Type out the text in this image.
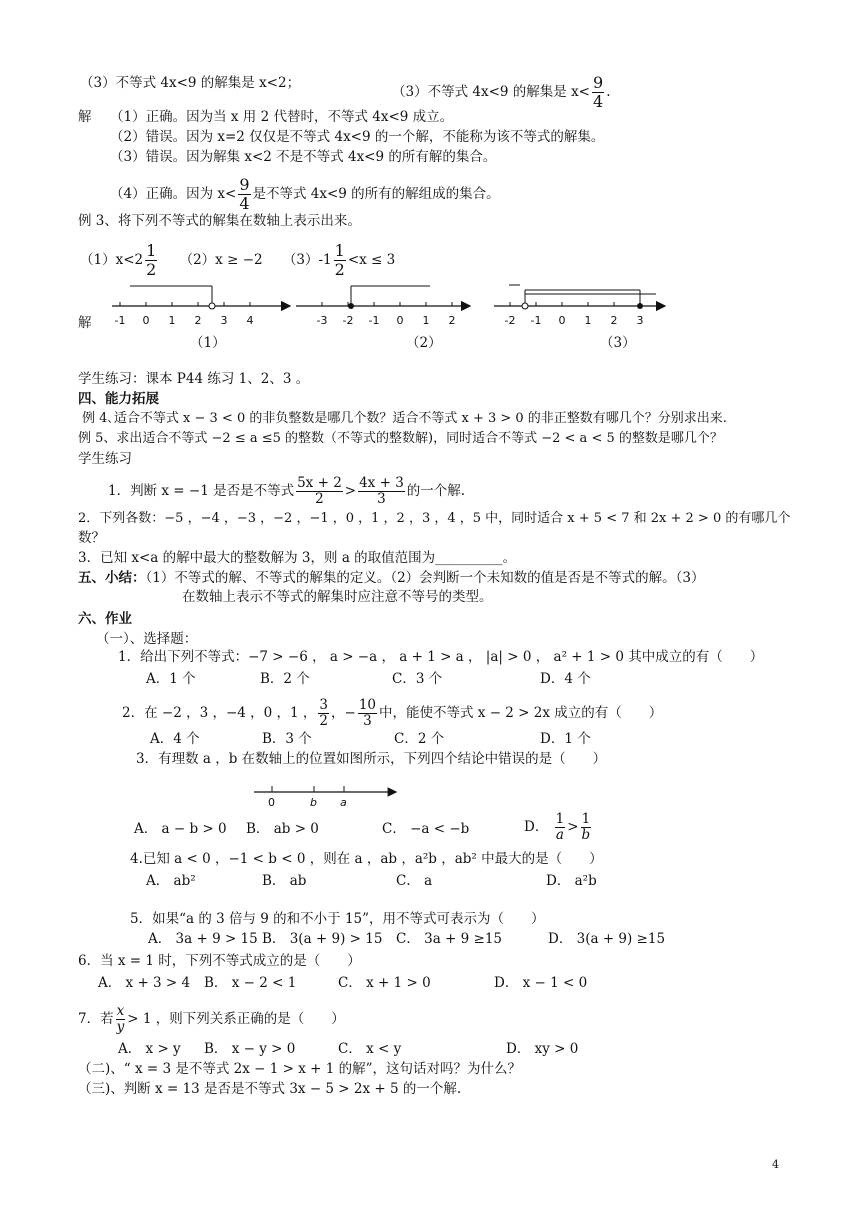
（3）不等式 4x<9 的解集是 x<2；
（3）不等式 4x<9 的解集是 $x< \frac{9}{4}$ .
解 （1）正确。因为当 x 用 2 代替时，不等式 4x<9 成立。
（2）错误。因为 x=2 仅仅是不等式 4x<9 的一个解，不能称为该不等式的解集。
（3）错误。因为解集 x<2 不是不等式 4x<9 的所有解的集合。
（4）正确。因为 $x< \frac{9}{4}$ 是不等式 4x<9 的所有的解组成的集合。
例 3、将下列不等式的解集在数轴上表示出来。
$(1)x<2 \frac{1}{2} (2)x \ge -2$ $(3)-1 \frac{1}{2} <x \le 3$
解 -1 0 1 2 3 4	-3 -2 -1 0 1 2	-2 -1 0 1 2 3
（1）	（2）	（3）
学生练习：课本 P44 练习 1、2、3 。
四、能力拓展
例 4､适合不等式 x − 3 < 0 的非负整数是哪几个数？适合不等式 x + 3 > 0 的非正整数有哪几个？分别求出来.
例 5、求出适合不等式 −2 ≤ a ≤5 的整数（不等式的整数解)，同时适合不等式 −2 < a < 5 的整数是哪几个？
学生练习
1．判断 x = −1 是否是不等式 $\frac{5x + 2}{2} > \frac{4x + 3}{3}$ 的一个解.
2．下列各数：−5 ，−4 ，−3 ，−2 ，−1 ，0 ，1 ，2 ，3 ，4 ，5 中，同时适合 x + 5 < 7 和 2x + 2 > 0 的有哪几个
数？
3．已知 x<a 的解中最大的整数解为 3，则 a 的取值范围为__________。
五、小结：（1）不等式的解、不等式的解集的定义。（2）会判断一个未知数的值是否是不等式的解。（3）
在数轴上表示不等式的解集时应注意不等号的类型。
六、作业
（一）、选择题：
1．给出下列不等式：−7 > −6 ， a > −a ， a + 1 > a ， |a| > 0 ， a² + 1 > 0 其中成立的有（　　）
A．1 个	B．2 个	C．3 个	D．4 个
2．在 −2 ，3 ，−4 ，0 ，1 ， $\frac{3}{2}$ ，− $\frac{10}{3}$ 中，能使不等式 x − 2 > 2x 成立的有（　　）
A．4 个	B．3 个	C．2 个	D．1 个
3．有理数 a ，b 在数轴上的位置如图所示，下列四个结论中错误的是（　　）
0	b a
A． a − b > 0 B． ab > 0	C． −a < −b	D． $\frac{1}{a} > \frac{1}{b}$
4.已知 a < 0 ，−1 < b < 0 ，则在 a ，ab ，a²b ，ab² 中最大的是（　　）
A． ab²	B． ab	C． a	D． a²b
5．如果“a 的 3 倍与 9 的和不小于 15”，用不等式可表示为（　　）
A． 3a + 9 > 15 B． 3(a + 9) > 15 C． 3a + 9 ≥15	D． 3(a + 9) ≥15
6．当 x = 1 时，下列不等式成立的是（　　）
A． x + 3 > 4 B． x − 2 < 1	C． x + 1 > 0	D． x − 1 < 0
7．若 $\frac{x}{y} > 1$ ，则下列关系正确的是（　　）
A． x > y B． x − y > 0	C． x < y	D． xy > 0
（二)、“ x = 3 是不等式 2x − 1 > x + 1 的解”，这句话对吗？为什么？
（三)、判断 x = 13 是否是不等式 3x − 5 > 2x + 5 的一个解.
4
